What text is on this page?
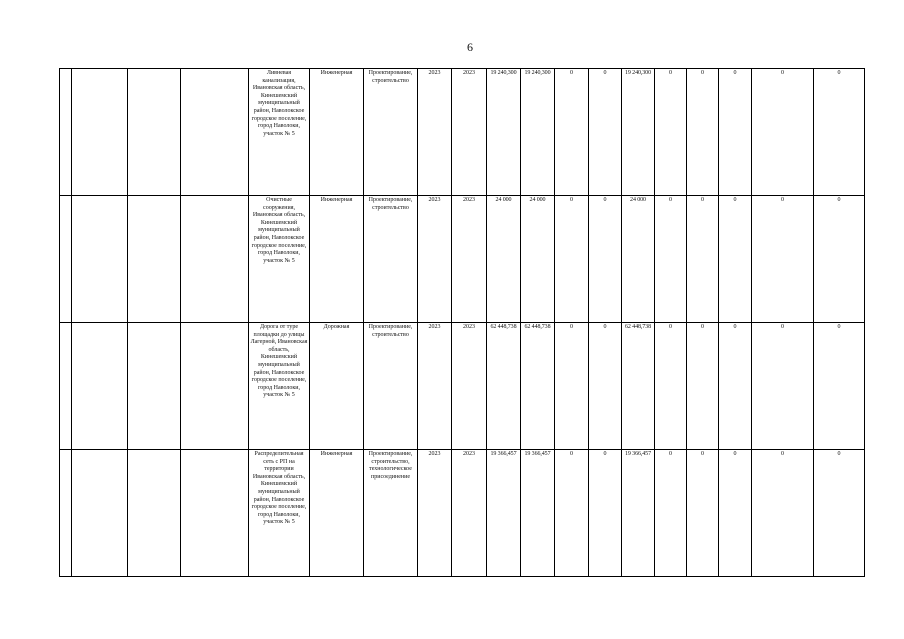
6
				Ливневая канализация, Ивановская область, Кинешемский муниципальный район, Наволокское городское поселение, город Наволоки, участок № 5	Инженерная	Проектирование, строительство	2023	2023	19 240,300	19 240,300	0	0	19 240,300	0	0	0	0	0
				Очистные сооружения, Ивановская область, Кинешемский муниципальный район, Наволокское городское поселение, город Наволоки, участок № 5	Инженерная	Проектирование, строительство	2023	2023	24 000	24 000	0	0	24 000	0	0	0	0	0
				Дорога от туре площадки до улицы Лагерной, Ивановская область, Кинешемский муниципальный район, Наволокское городское поселение, город Наволоки, участок № 5	Дорожная	Проектирование, строительство	2023	2023	62 448,738	62 448,738	0	0	62 448,738	0	0	0	0	0
				Распределительная сеть с РП на территории Ивановская область, Кинешемский муниципальный район, Наволокское городское поселение, город Наволоки, участок № 5	Инженерная	Проектирование, строительство, технологическое присоединение	2023	2023	19 366,457	19 366,457	0	0	19 366,457	0	0	0	0	0
